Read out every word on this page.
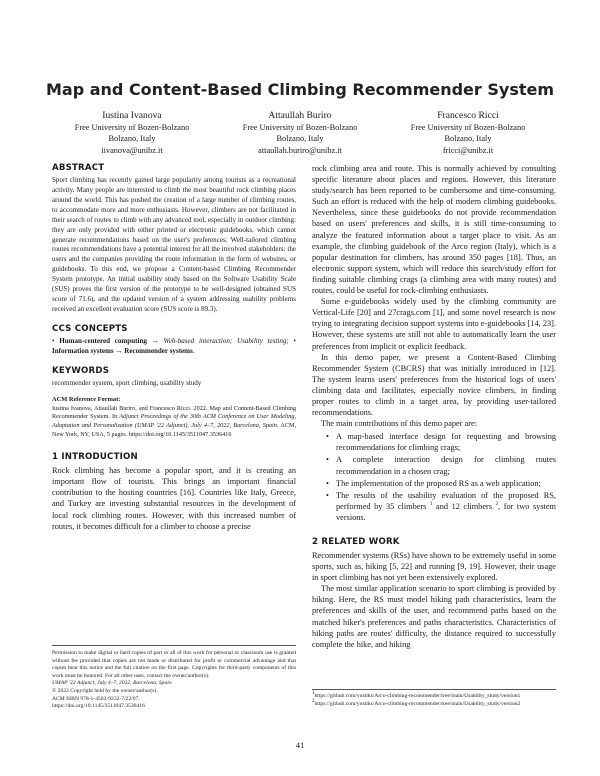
Map and Content-Based Climbing Recommender System
Iustina Ivanova
Free University of Bozen-Bolzano
Bolzano, Italy
iivanova@unibz.it
Attaullah Buriro
Free University of Bozen-Bolzano
Bolzano, Italy
attaullah.buriro@unibz.it
Francesco Ricci
Free University of Bozen-Bolzano
Bolzano, Italy
fricci@unibz.it
ABSTRACT

Sport climbing has recently gained large popularity among tourists as a recreational activity. Many people are interested to climb the most beautiful rock climbing places around the world. This has pushed the creation of a large number of climbing routes, to accommodate more and more enthusiasts. However, climbers are not facilitated in their search of routes to climb with any advanced tool, especially in outdoor climbing: they are only provided with either printed or electronic guidebooks, which cannot generate recommendations based on the user's preferences. Well-tailored climbing routes recommendations have a potential interest for all the involved stakeholders: the users and the companies providing the route information in the form of websites, or guidebooks. To this end, we propose a Content-based Climbing Recommender System prototype. An initial usability study based on the Software Usability Scale (SUS) proves the first version of the prototype to be well-designed (obtained SUS score of 71.6), and the updated version of a system addressing usability problems received an excellent evaluation score (SUS score is 89.3).

CCS CONCEPTS

• Human-centered computing → Web-based interaction; Usability testing; • Information systems → Recommender systems.

KEYWORDS

recommender system, sport climbing, usability study

ACM Reference Format:

Iustina Ivanova, Attaullah Buriro, and Francesco Ricci. 2022. Map and Content-Based Climbing Recommender System. In Adjunct Proceedings of the 30th ACM Conference on User Modeling, Adaptation and Personalization (UMAP '22 Adjunct), July 4–7, 2022, Barcelona, Spain. ACM, New York, NY, USA, 5 pages. https://doi.org/10.1145/3511047.3536416

1 INTRODUCTION

Rock climbing has become a popular sport, and it is creating an important flow of tourists. This brings an important financial contribution to the hosting countries [16]. Countries like Italy, Greece, and Turkey are investing substantial resources in the development of local rock climbing routes. However, with this increased number of routes, it becomes difficult for a climber to choose a precise

Permission to make digital or hard copies of part or all of this work for personal or classroom use is granted without fee provided that copies are not made or distributed for profit or commercial advantage and that copies bear this notice and the full citation on the first page. Copyrights for third-party components of this work must be honored. For all other uses, contact the owner/author(s).

UMAP '22 Adjunct, July 4–7, 2022, Barcelona, Spain
© 2022 Copyright held by the owner/author(s).
ACM ISBN 978-1-4503-9232-7/22/07.
https://doi.org/10.1145/3511047.3536416

rock climbing area and route. This is normally achieved by consulting specific literature about places and regions. However, this literature study/search has been reported to be cumbersome and time-consuming. Such an effort is reduced with the help of modern climbing guidebooks. Nevertheless, since these guidebooks do not provide recommendation based on users' preferences and skills, it is still time-consuming to analyze the featured information about a target place to visit. As an example, the climbing guidebook of the Arco region (Italy), which is a popular destination for climbers, has around 350 pages [18]. Thus, an electronic support system, which will reduce this search/study effort for finding suitable climbing crags (a climbing area with many routes) and routes, could be useful for rock-climbing enthusiasts.

Some e-guidebooks widely used by the climbing community are Vertical-Life [20] and 27crags.com [1], and some novel research is now trying to integrating decision support systems into e-guidebooks [14, 23]. However, these systems are still not able to automatically learn the user preferences from implicit or explicit feedback.

In this demo paper, we present a Content-Based Climbing Recommender System (CBCRS) that was initially introduced in [12]. The system learns users' preferences from the historical logs of users' climbing data and facilitates, especially novice climbers, in finding proper routes to climb in a target area, by providing user-tailored recommendations.

The main contributions of this demo paper are:

• A map-based interface design for requesting and browsing recommendations for climbing crags;
• A complete interaction design for climbing routes recommendation in a chosen crag;
• The implementation of the proposed RS as a web application;
• The results of the usability evaluation of the proposed RS, performed by 35 climbers $^1$ and 12 climbers $^2$, for two system versions.
2 RELATED WORK

Recommender systems (RSs) have shown to be extremely useful in some sports, such as, hiking [5, 22] and running [9, 19]. However, their usage in sport climbing has not yet been extensively explored.

The most similar application scenario to sport climbing is provided by hiking. Here, the RS must model hiking path characteristics, learn the preferences and skills of the user, and recommend paths based on the matched hiker's preferences and paths characteristics. Characteristics of hiking paths are routes' difficulty, the distance required to successfully complete the hike, and hiking

$^1$https://github.com/yustiks/Arco-climbing-recommender/tree/main/Usability_study/version1
$^2$https://github.com/yustiks/Arco-climbing-recommender/tree/main/Usability_study/version2
41
